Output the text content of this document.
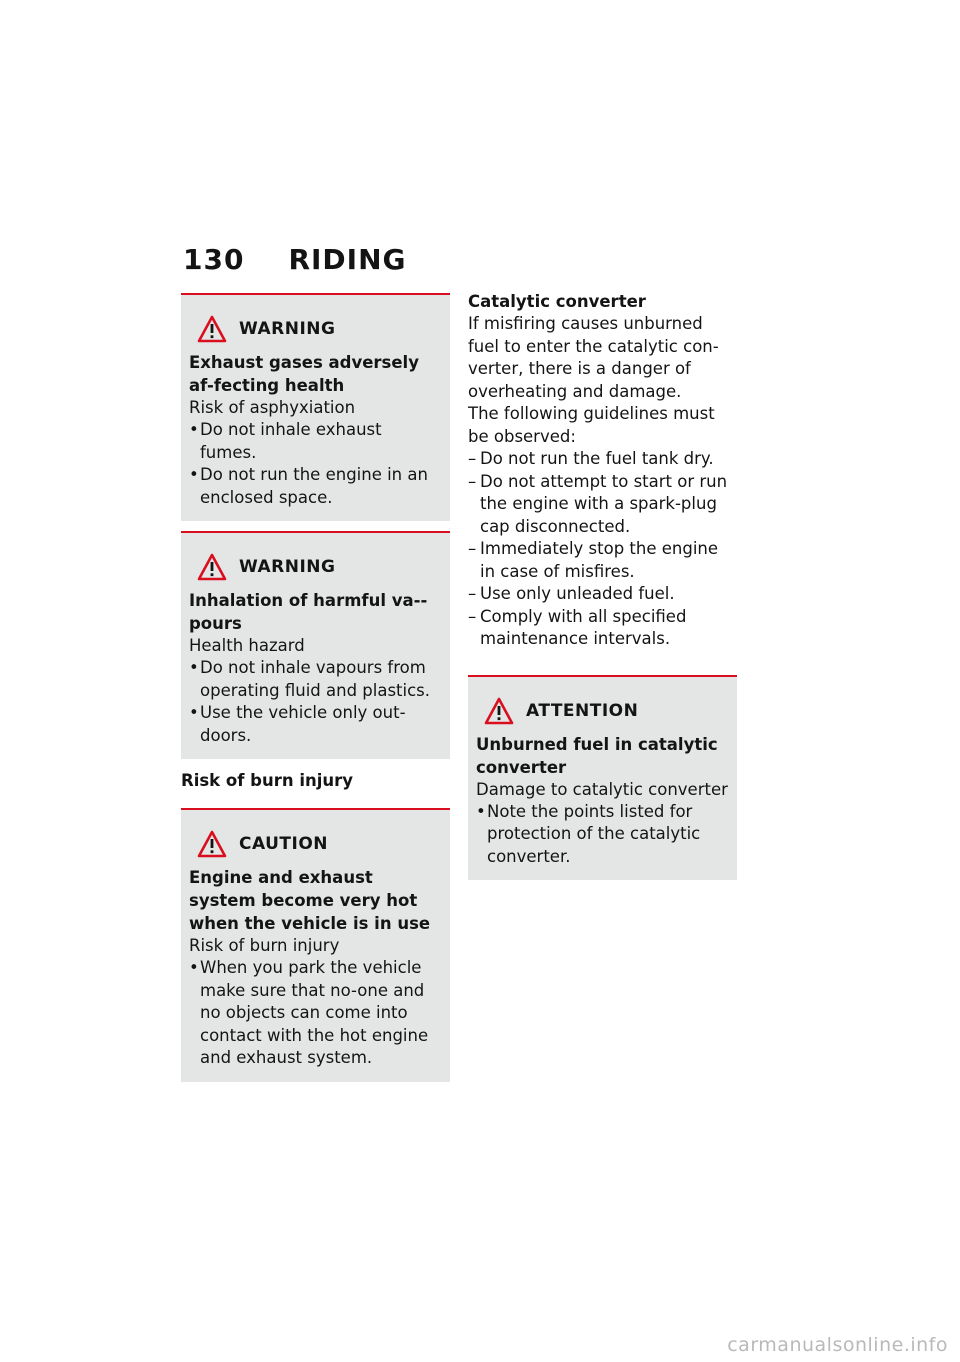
130 RIDING
WARNING
Exhaust gases adversely af-fecting health
Risk of asphyxiation
• Do not inhale exhaust fumes.
• Do not run the engine in an enclosed space.
WARNING
Inhalation of harmful va-pours
Health hazard
• Do not inhale vapours from operating fluid and plastics.
• Use the vehicle only out-doors.
Risk of burn injury
CAUTION
Engine and exhaust system become very hot when the vehicle is in use
Risk of burn injury
• When you park the vehicle make sure that no-one and no objects can come into contact with the hot engine and exhaust system.
Catalytic converter
If misfiring causes unburned fuel to enter the catalytic con-verter, there is a danger of overheating and damage.
The following guidelines must be observed:
– Do not run the fuel tank dry.
– Do not attempt to start or run the engine with a spark-plug cap disconnected.
– Immediately stop the engine in case of misfires.
– Use only unleaded fuel.
– Comply with all specified maintenance intervals.
ATTENTION
Unburned fuel in catalytic converter
Damage to catalytic converter
• Note the points listed for protection of the catalytic converter.
carmanualsonline.info
